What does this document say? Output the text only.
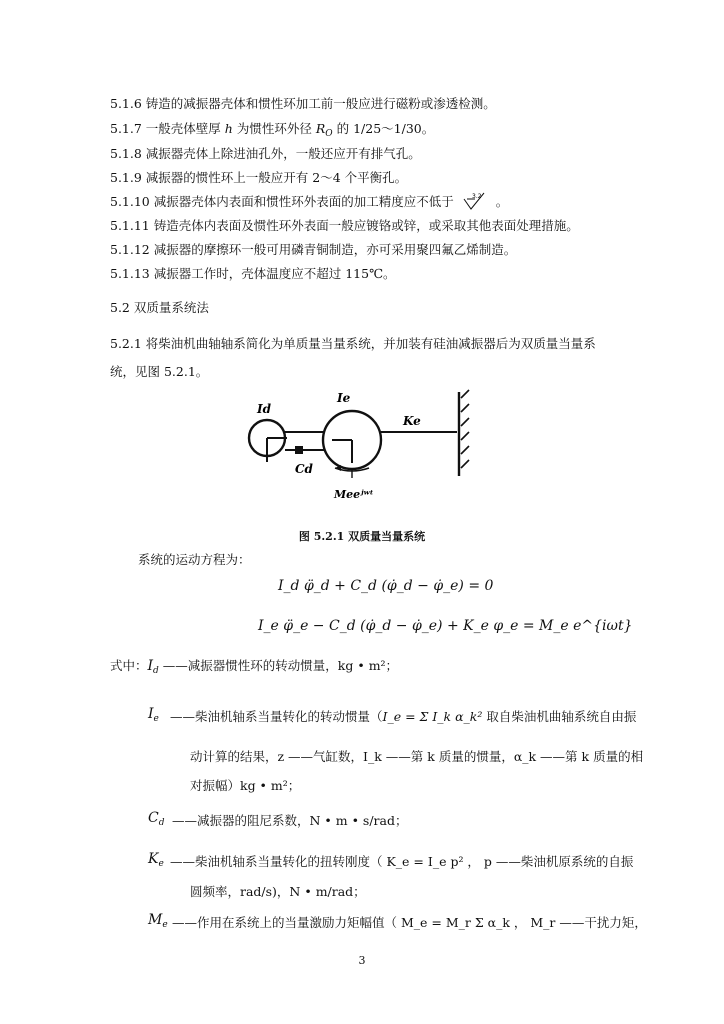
5.1.6 铸造的减振器壳体和惯性环加工前一般应进行磁粉或渗透检测。
5.1.7 一般壳体壁厚 h 为惯性环外径 $R_O$ 的 1/25～1/30。
5.1.8 减振器壳体上除进油孔外，一般还应开有排气孔。
5.1.9 减振器的惯性环上一般应开有 2～4 个平衡孔。
5.1.10 减振器壳体内表面和惯性环外表面的加工精度应不低于	3.2 。
5.1.11 铸造壳体内表面及惯性环外表面一般应镀铬或锌，或采取其他表面处理措施。
5.1.12 减振器的摩擦环一般可用磷青铜制造，亦可采用聚四氟乙烯制造。
5.1.13 减振器工作时，壳体温度应不超过 115℃。
5.2 双质量系统法
5.2.1 将柴油机曲轴轴系简化为单质量当量系统，并加装有硅油减振器后为双质量当量系
统，见图 5.2.1。
Id
Ie
Ke
Cd
Meeʲʷᵗ
图 5.2.1 双质量当量系统
系统的运动方程为：
I_d φ̈_d + C_d (φ̇_d − φ̇_e) = 0
I_e φ̈_e − C_d (φ̇_d − φ̇_e) + K_e φ_e = M_e e^{iωt}
式中：$I_d$ ——减振器惯性环的转动惯量，kg • m²；
$I_e$ ——柴油机轴系当量转化的转动惯量（I_e = Σ I_k α_k² 取自柴油机曲轴系统自由振
动计算的结果，z ——气缸数，I_k ——第 k 质量的惯量，α_k ——第 k 质量的相
对振幅）kg • m²；
$C_d$ ——减振器的阻尼系数，N • m • s/rad；
$K_e$ ——柴油机轴系当量转化的扭转刚度（ K_e = I_e p² ， p ——柴油机原系统的自振
圆频率，rad/s)，N • m/rad；
$M_e$ ——作用在系统上的当量激励力矩幅值（ M_e = M_r Σ α_k ， M_r ——干扰力矩，
3
